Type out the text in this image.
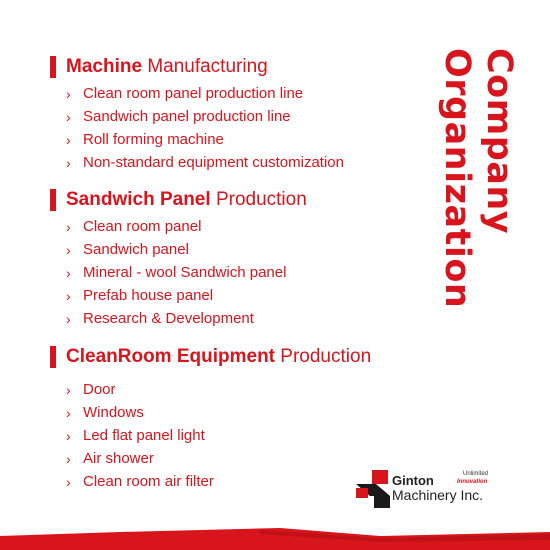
Machine Manufacturing
› Clean room panel production line
› Sandwich panel production line
› Roll forming machine
› Non-standard equipment customization
Sandwich Panel Production
› Clean room panel
› Sandwich panel
› Mineral - wool Sandwich panel
› Prefab house panel
› Research & Development
CleanRoom Equipment Production
› Door
› Windows
› Led flat panel light
› Air shower
› Clean room air filter
Company
Organization
Ginton
Machinery Inc.
Unlimited
Innovation
